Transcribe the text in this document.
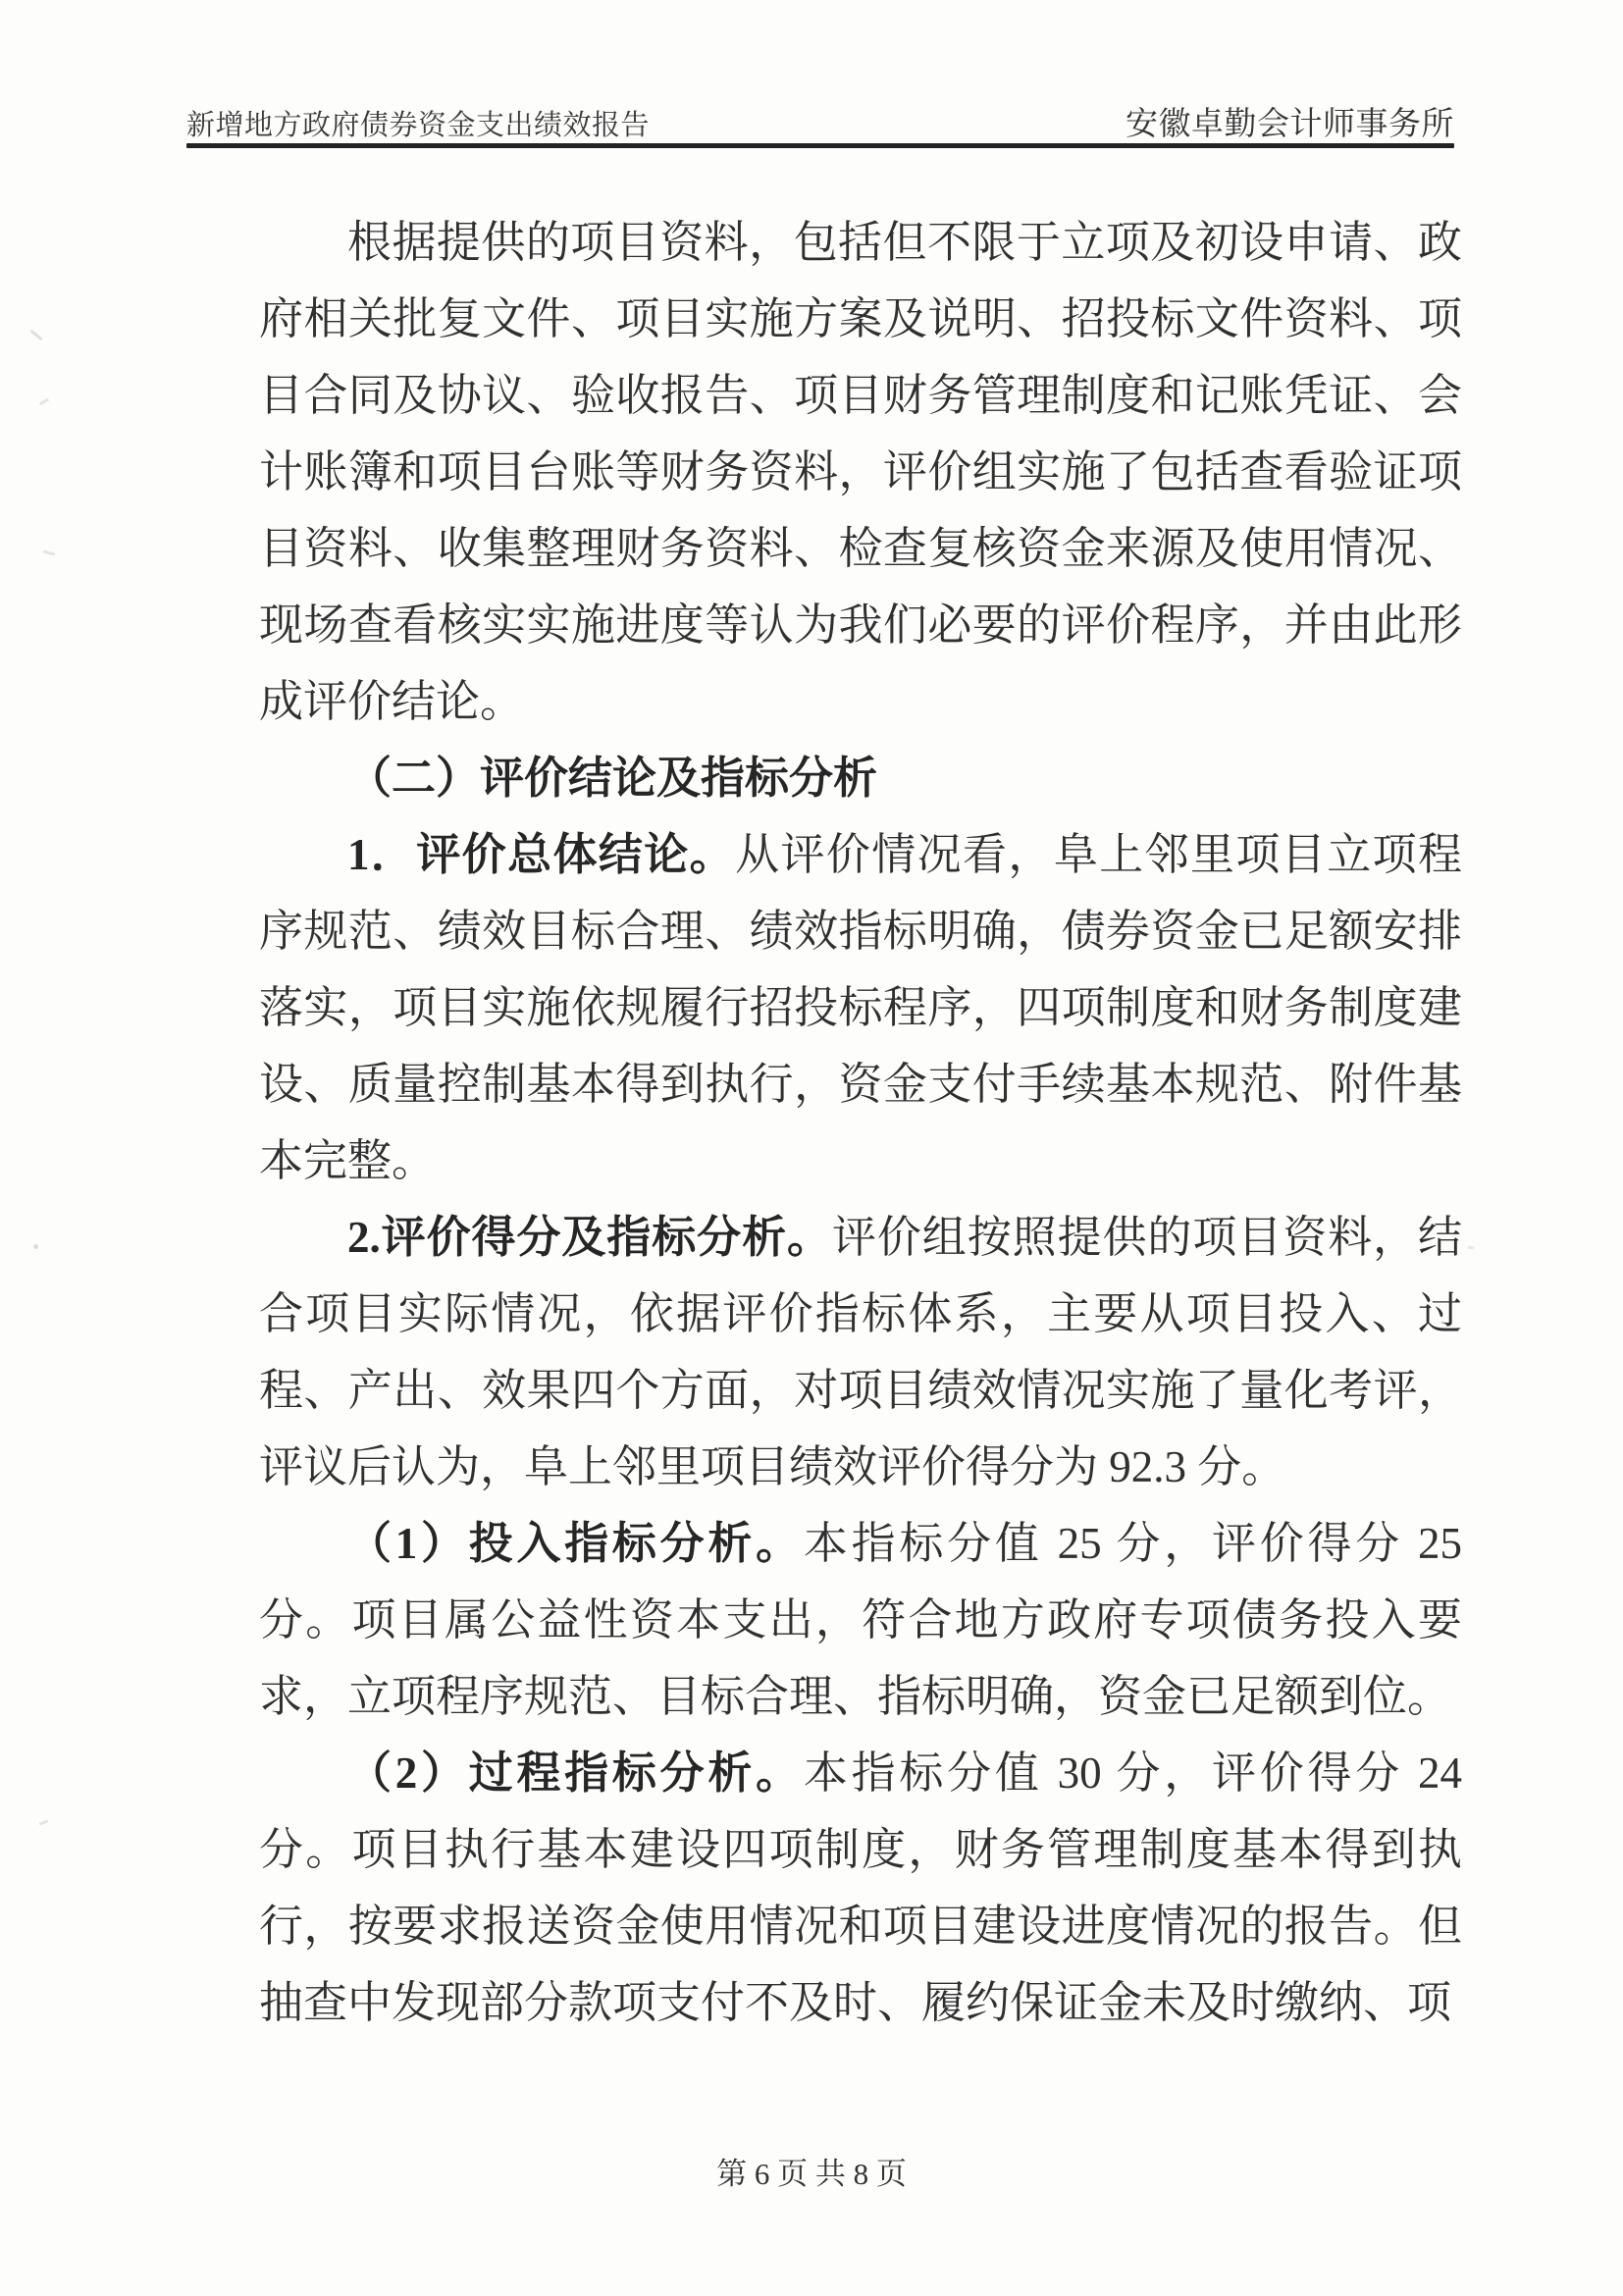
新增地方政府债券资金支出绩效报告	安徽卓勤会计师事务所

根据提供的项目资料，包括但不限于立项及初设申请、政府相关批复文件、项目实施方案及说明、招投标文件资料、项目合同及协议、验收报告、项目财务管理制度和记账凭证、会计账簿和项目台账等财务资料，评价组实施了包括查看验证项目资料、收集整理财务资料、检查复核资金来源及使用情况、现场查看核实实施进度等认为我们必要的评价程序，并由此形成评价结论。

（二）评价结论及指标分析

1．评价总体结论。从评价情况看，阜上邻里项目立项程序规范、绩效目标合理、绩效指标明确，债券资金已足额安排落实，项目实施依规履行招投标程序，四项制度和财务制度建设、质量控制基本得到执行，资金支付手续基本规范、附件基本完整。

2.评价得分及指标分析。评价组按照提供的项目资料，结合项目实际情况，依据评价指标体系，主要从项目投入、过程、产出、效果四个方面，对项目绩效情况实施了量化考评，评议后认为，阜上邻里项目绩效评价得分为 92.3 分。

（1）投入指标分析。本指标分值 25 分，评价得分 25 分。项目属公益性资本支出，符合地方政府专项债务投入要求，立项程序规范、目标合理、指标明确，资金已足额到位。

（2）过程指标分析。本指标分值 30 分，评价得分 24 分。项目执行基本建设四项制度，财务管理制度基本得到执行，按要求报送资金使用情况和项目建设进度情况的报告。但抽查中发现部分款项支付不及时、履约保证金未及时缴纳、项

第 6 页 共 8 页
